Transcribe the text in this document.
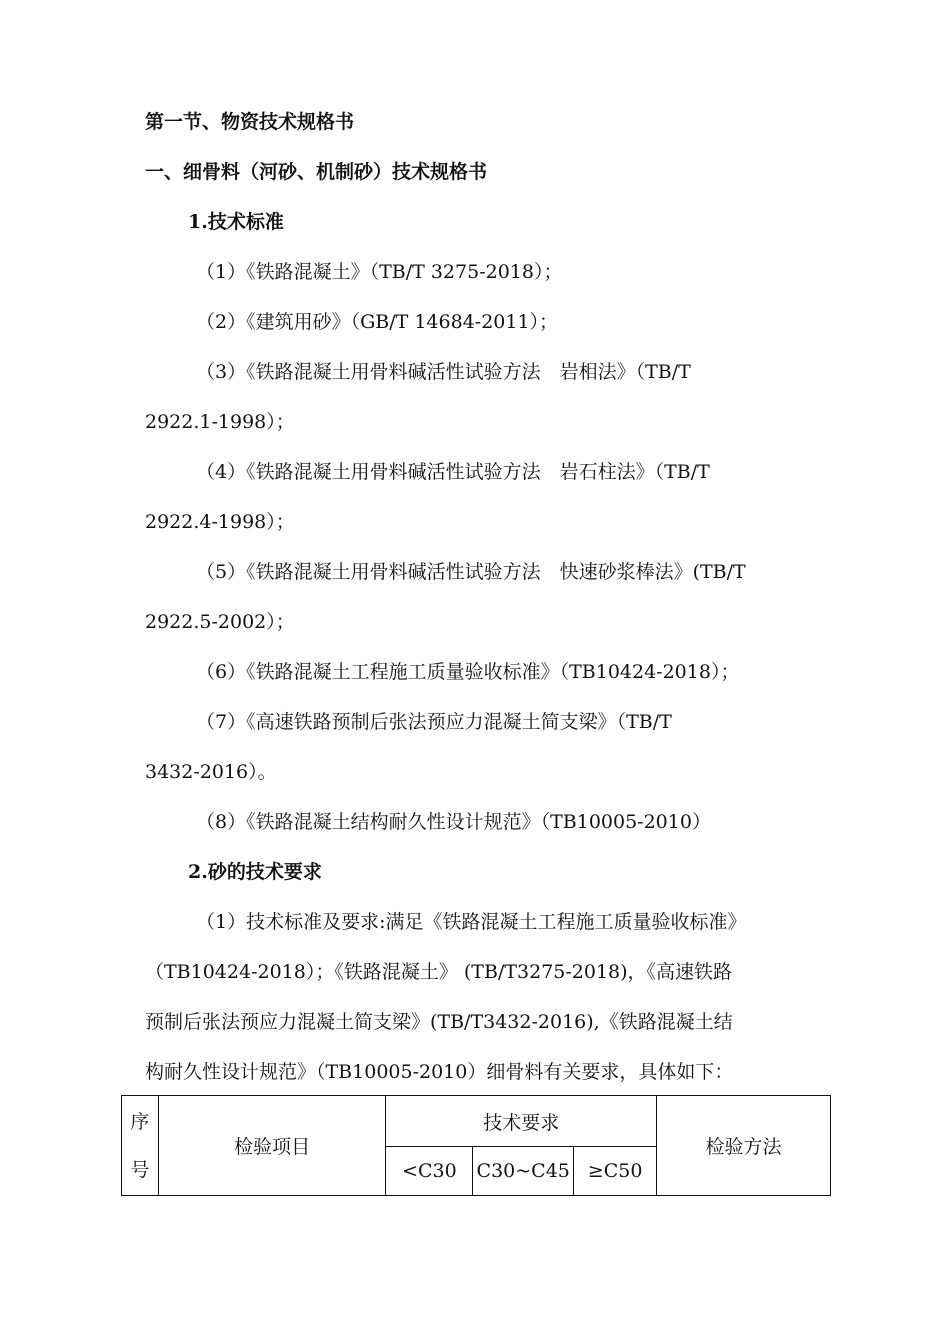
第一节、物资技术规格书
一、细骨料（河砂、机制砂）技术规格书
1.技术标准
（1）《铁路混凝土》（TB/T 3275-2018）；
（2）《建筑用砂》（GB/T 14684-2011）；
（3）《铁路混凝土用骨料碱活性试验方法　岩相法》（TB/T
2922.1-1998）；
（4）《铁路混凝土用骨料碱活性试验方法　岩石柱法》（TB/T
2922.4-1998）；
（5）《铁路混凝土用骨料碱活性试验方法　快速砂浆棒法》(TB/T
2922.5-2002）；
（6）《铁路混凝土工程施工质量验收标准》（TB10424-2018）；
（7）《高速铁路预制后张法预应力混凝土简支梁》（TB/T
3432-2016）。
（8）《铁路混凝土结构耐久性设计规范》（TB10005-2010）
2.砂的技术要求
（1）技术标准及要求:满足《铁路混凝土工程施工质量验收标准》
（TB10424-2018）；《铁路混凝土》 (TB/T3275-2018)，《高速铁路
预制后张法预应力混凝土简支梁》(TB/T3432-2016),《铁路混凝土结
构耐久性设计规范》（TB10005-2010）细骨料有关要求，具体如下：
序
号	检验项目	技术要求			检验方法
		<C30	C30~C45	≥C50	
